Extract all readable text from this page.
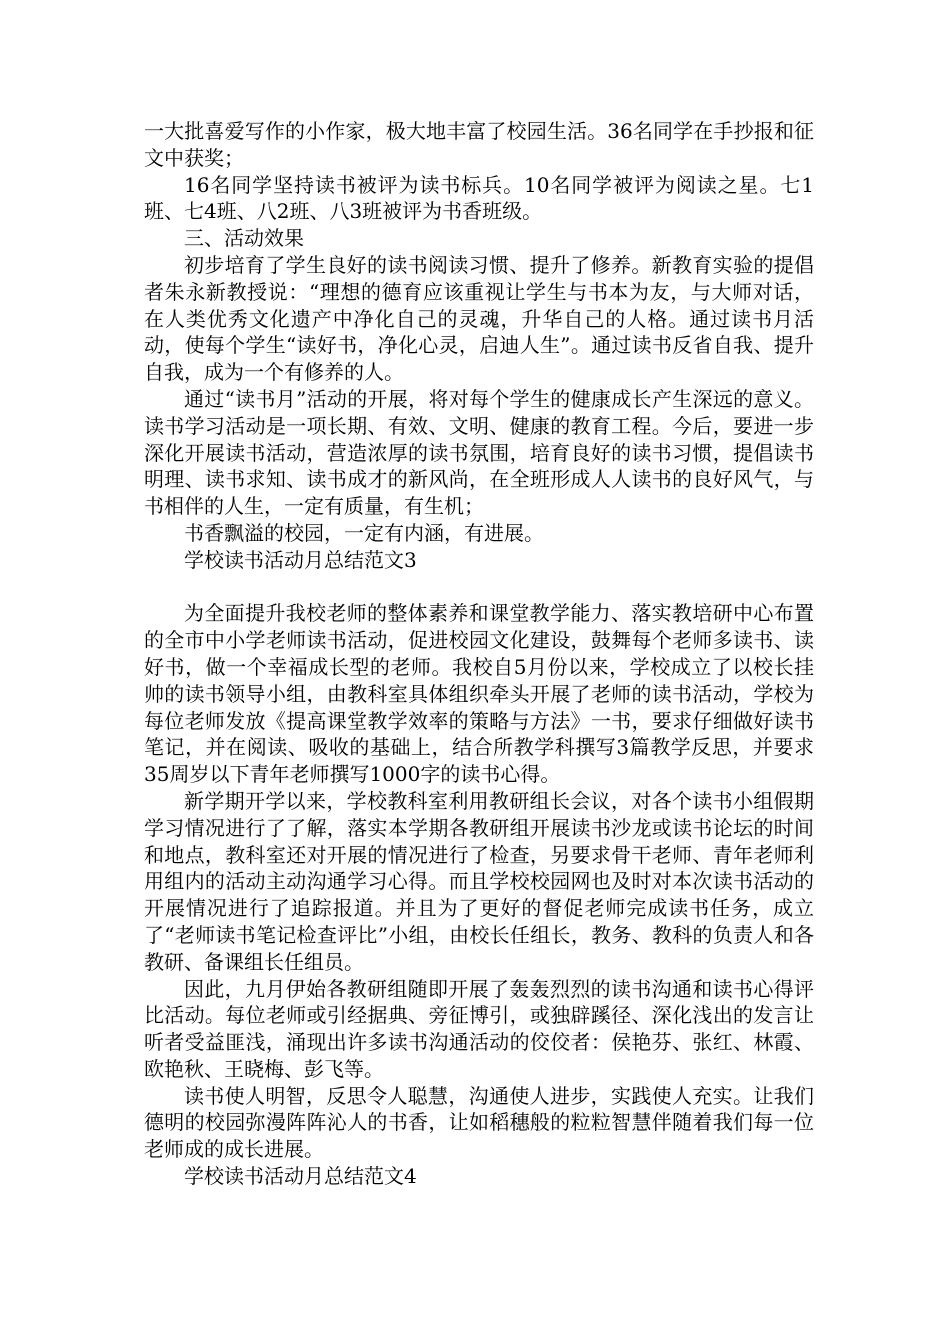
一大批喜爱写作的小作家，极大地丰富了校园生活。36名同学在手抄报和征文中获奖；

16名同学坚持读书被评为读书标兵。10名同学被评为阅读之星。七1班、七4班、八2班、八3班被评为书香班级。

三、活动效果

初步培育了学生良好的读书阅读习惯、提升了修养。新教育实验的提倡者朱永新教授说：“理想的德育应该重视让学生与书本为友，与大师对话，在人类优秀文化遗产中净化自己的灵魂，升华自己的人格。通过读书月活动，使每个学生“读好书，净化心灵，启迪人生”。通过读书反省自我、提升自我，成为一个有修养的人。

通过“读书月”活动的开展，将对每个学生的健康成长产生深远的意义。读书学习活动是一项长期、有效、文明、健康的教育工程。今后，要进一步深化开展读书活动，营造浓厚的读书氛围，培育良好的读书习惯，提倡读书明理、读书求知、读书成才的新风尚，在全班形成人人读书的良好风气，与书相伴的人生，一定有质量，有生机；

书香飘溢的校园，一定有内涵，有进展。

学校读书活动月总结范文3

为全面提升我校老师的整体素养和课堂教学能力、落实教培研中心布置的全市中小学老师读书活动，促进校园文化建设，鼓舞每个老师多读书、读好书，做一个幸福成长型的老师。我校自5月份以来，学校成立了以校长挂帅的读书领导小组，由教科室具体组织牵头开展了老师的读书活动，学校为每位老师发放《提高课堂教学效率的策略与方法》一书，要求仔细做好读书笔记，并在阅读、吸收的基础上，结合所教学科撰写3篇教学反思，并要求35周岁以下青年老师撰写1000字的读书心得。

新学期开学以来，学校教科室利用教研组长会议，对各个读书小组假期学习情况进行了了解，落实本学期各教研组开展读书沙龙或读书论坛的时间和地点，教科室还对开展的情况进行了检查，另要求骨干老师、青年老师利用组内的活动主动沟通学习心得。而且学校校园网也及时对本次读书活动的开展情况进行了追踪报道。并且为了更好的督促老师完成读书任务，成立了“老师读书笔记检查评比”小组，由校长任组长，教务、教科的负责人和各教研、备课组长任组员。

因此，九月伊始各教研组随即开展了轰轰烈烈的读书沟通和读书心得评比活动。每位老师或引经据典、旁征博引，或独辟蹊径、深化浅出的发言让听者受益匪浅，涌现出许多读书沟通活动的佼佼者：侯艳芬、张红、林霞、欧艳秋、王晓梅、彭飞等。

读书使人明智，反思令人聪慧，沟通使人进步，实践使人充实。让我们德明的校园弥漫阵阵沁人的书香，让如稻穗般的粒粒智慧伴随着我们每一位老师成的成长进展。

学校读书活动月总结范文4
